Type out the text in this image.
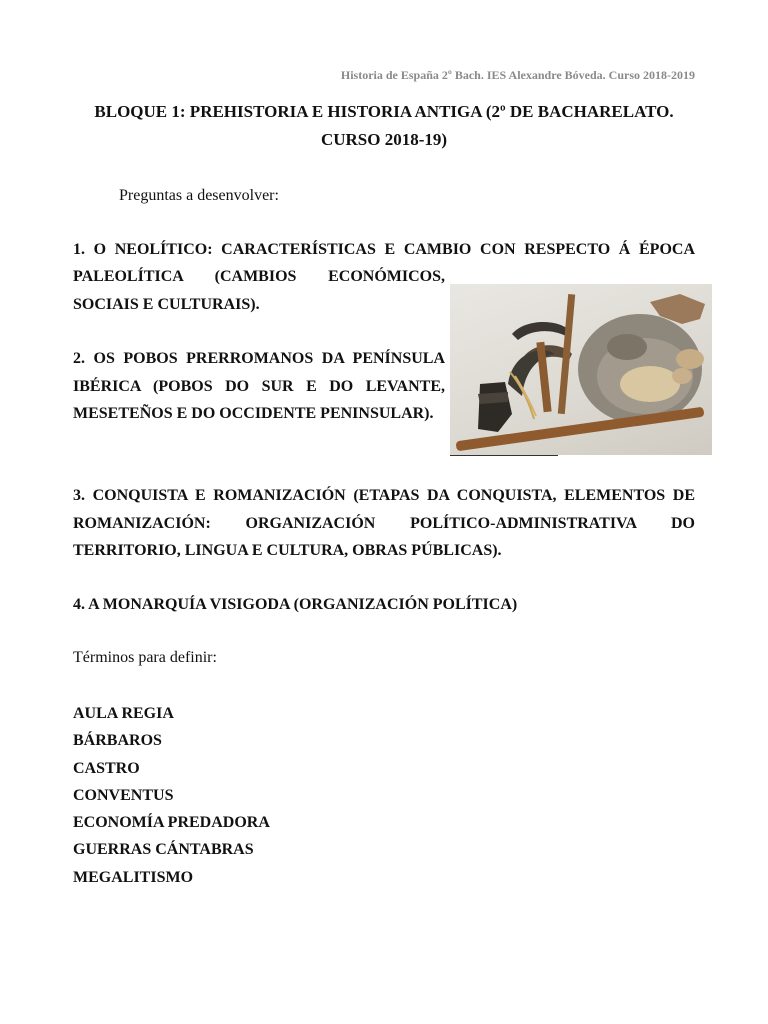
Historia de España 2º Bach. IES Alexandre Bóveda. Curso 2018-2019
BLOQUE 1: PREHISTORIA E HISTORIA ANTIGA (2º DE BACHARELATO.
CURSO 2018-19)
Preguntas a desenvolver:
1. O NEOLÍTICO: CARACTERÍSTICAS E CAMBIO CON RESPECTO Á ÉPOCA
PALEOLÍTICA (CAMBIOS ECONÓMICOS, SOCIAIS E CULTURAIS).
2. OS POBOS PRERROMANOS DA PENÍNSULA IBÉRICA (POBOS DO SUR E DO LEVANTE, MESETEÑOS E DO OCCIDENTE PENINSULAR).
3. CONQUISTA E ROMANIZACIÓN (ETAPAS DA CONQUISTA, ELEMENTOS DE ROMANIZACIÓN: ORGANIZACIÓN POLÍTICO-ADMINISTRATIVA DO TERRITORIO, LINGUA E CULTURA, OBRAS PÚBLICAS).
4. A MONARQUÍA VISIGODA (ORGANIZACIÓN POLÍTICA)
Términos para definir:
AULA REGIA
BÁRBAROS
CASTRO
CONVENTUS
ECONOMÍA PREDADORA
GUERRAS CÁNTABRAS
MEGALITISMO
